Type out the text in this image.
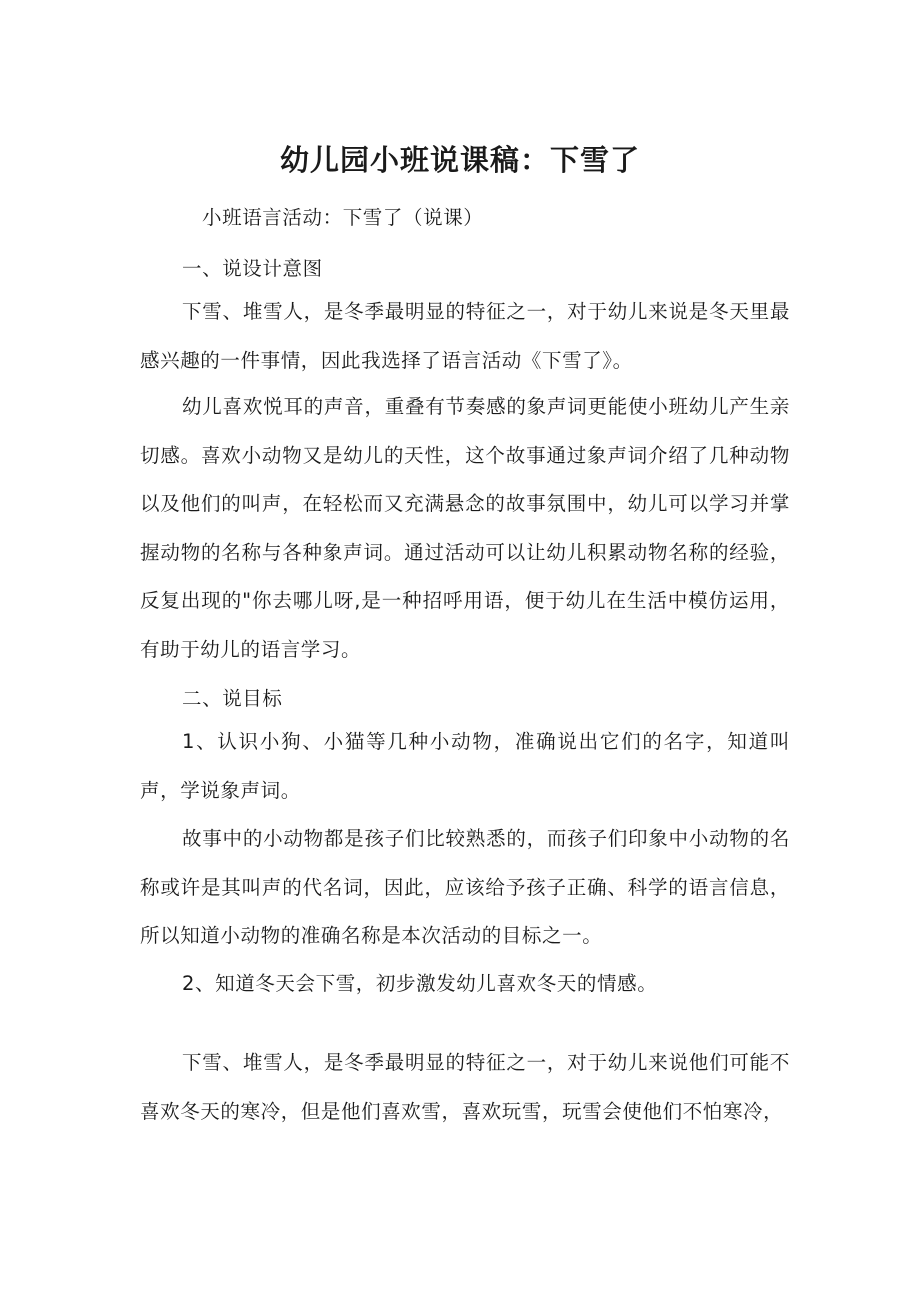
幼儿园小班说课稿：下雪了
小班语言活动：下雪了（说课）
一、说设计意图
下雪、堆雪人，是冬季最明显的特征之一，对于幼儿来说是冬天里最感兴趣的一件事情，因此我选择了语言活动《下雪了》。
幼儿喜欢悦耳的声音，重叠有节奏感的象声词更能使小班幼儿产生亲切感。喜欢小动物又是幼儿的天性，这个故事通过象声词介绍了几种动物以及他们的叫声，在轻松而又充满悬念的故事氛围中，幼儿可以学习并掌握动物的名称与各种象声词。通过活动可以让幼儿积累动物名称的经验，反复出现的"你去哪儿呀,是一种招呼用语，便于幼儿在生活中模仿运用，有助于幼儿的语言学习。
二、说目标
1、认识小狗、小猫等几种小动物，准确说出它们的名字，知道叫声，学说象声词。
故事中的小动物都是孩子们比较熟悉的，而孩子们印象中小动物的名称或许是其叫声的代名词，因此，应该给予孩子正确、科学的语言信息，所以知道小动物的准确名称是本次活动的目标之一。
2、知道冬天会下雪，初步激发幼儿喜欢冬天的情感。
下雪、堆雪人，是冬季最明显的特征之一，对于幼儿来说他们可能不喜欢冬天的寒冷，但是他们喜欢雪，喜欢玩雪，玩雪会使他们不怕寒冷，
